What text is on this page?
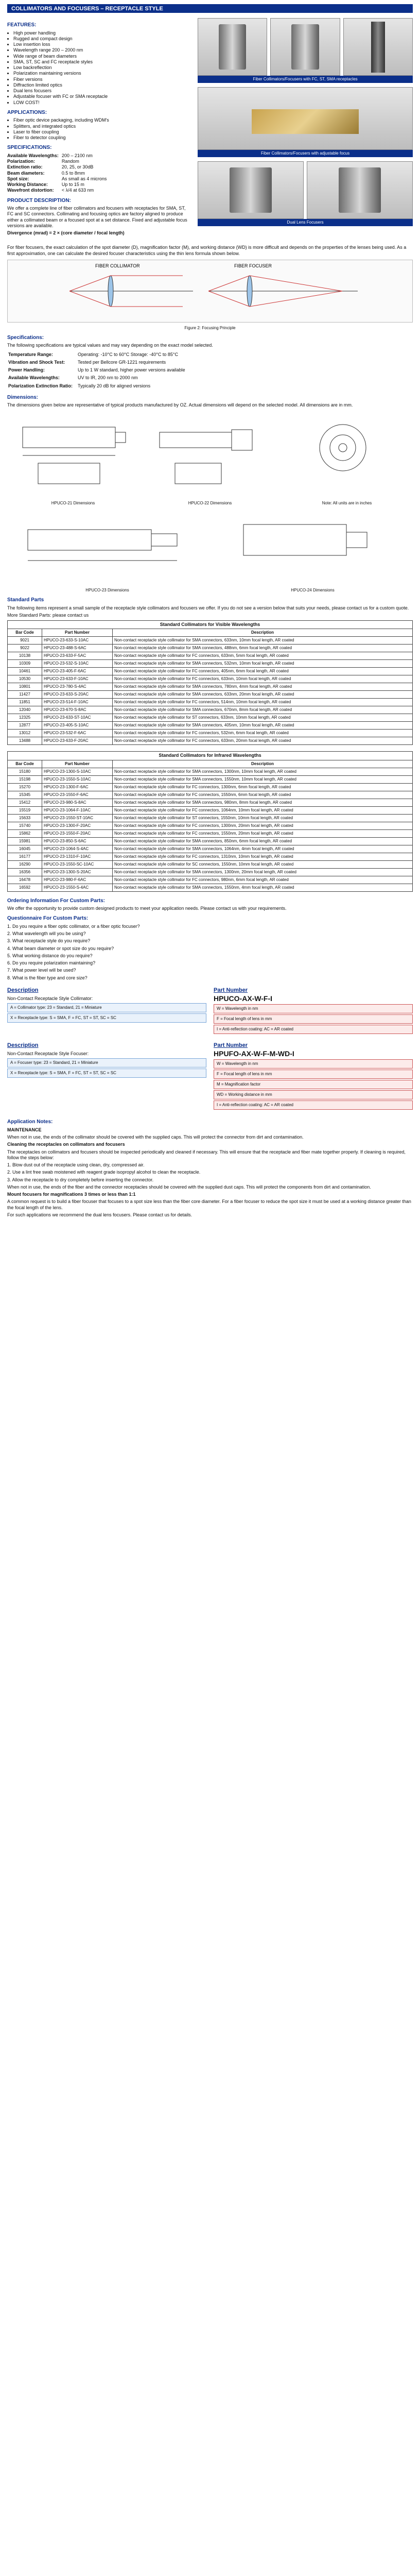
COLLIMATORS AND FOCUSERS – RECEPTACLE STYLE
FEATURES:
• High power handling
• Rugged and compact design
• Low insertion loss
• Wavelength range 200 – 2000 nm
• Wide range of beam diameters
• SMA, ST, SC and FC receptacle styles
• Low backreflection
• Polarization maintaining versions
• Fiber versions
• Diffraction limited optics
• Dual lens focusers
• Adjustable focuser with FC or SMA receptacle
• LOW COST!
APPLICATIONS:
• Fiber optic device packaging, including WDM's
• Splitters, and integrated optics
• Laser to fiber coupling
• Fiber to detector coupling
SPECIFICATIONS:
Available Wavelengths:	200 – 2100 nm
Polarization:	Random
Extinction ratio:	20, 25, or 30dB
Beam diameters:	0.5 to 8mm
Spot size:	As small as 4 microns
Working Distance:	Up to 15 m
Wavefront distortion:	< λ/4 at 633 nm
PRODUCT DESCRIPTION:

We offer a complete line of fiber collimators and focusers with receptacles for SMA, ST, FC and SC connectors. Collimating and focusing optics are factory aligned to produce either a collimated beam or a focused spot at a set distance. Fixed and adjustable focus versions are available.

Divergence (mrad) = 2 × (core diameter / focal length)

Fiber Collimators/Focusers with FC, ST, SMA receptacles
Fiber Collimators/Focusers with adjustable focus
Dual Lens Focusers

For fiber focusers, the exact calculation of the spot diameter (D), magnification factor (M), and working distance (WD) is more difficult and depends on the properties of the lenses being used. As a first approximation, one can calculate the desired focuser characteristics using the thin lens formula shown below.

FIBER COLLIMATOR	FIBER FOCUSER

Figure 2: Focusing Principle

Specifications:

The following specifications are typical values and may vary depending on the exact model selected.

Temperature Range:	Operating: -10°C to 60°C Storage: -40°C to 85°C
Vibration and Shock Test:	Tested per Bellcore GR-1221 requirements
Power Handling:	Up to 1 W standard, higher power versions available
Available Wavelengths:	UV to IR, 200 nm to 2000 nm
Polarization Extinction Ratio:	Typically 20 dB for aligned versions
Dimensions:

The dimensions given below are representative of typical products manufactured by OZ. Actual dimensions will depend on the selected model. All dimensions are in mm.

HPUCO-21 Dimensions	HPUCO-22 Dimensions	Note: All units are in inches
HPUCO-23 Dimensions	HPUCO-24 Dimensions
Standard Parts

The following items represent a small sample of the receptacle style collimators and focusers we offer. If you do not see a version below that suits your needs, please contact us for a custom quote.

More Standard Parts: please contact us

Standard Collimators for Visible Wavelengths
Bar Code	Part Number	Description
9021	HPUCO-23-633-S-10AC	Non-contact receptacle style collimator for SMA connectors, 633nm, 10mm focal length, AR coated
9022	HPUCO-23-488-S-6AC	Non-contact receptacle style collimator for SMA connectors, 488nm, 6mm focal length, AR coated
10138	HPUCO-23-633-F-5AC	Non-contact receptacle style collimator for FC connectors, 633nm, 5mm focal length, AR coated
10309	HPUCO-23-532-S-10AC	Non-contact receptacle style collimator for SMA connectors, 532nm, 10mm focal length, AR coated
10461	HPUCO-23-405-F-6AC	Non-contact receptacle style collimator for FC connectors, 405nm, 6mm focal length, AR coated
10530	HPUCO-23-633-F-10AC	Non-contact receptacle style collimator for FC connectors, 633nm, 10mm focal length, AR coated
10801	HPUCO-23-780-S-4AC	Non-contact receptacle style collimator for SMA connectors, 780nm, 4mm focal length, AR coated
11427	HPUCO-23-633-S-20AC	Non-contact receptacle style collimator for SMA connectors, 633nm, 20mm focal length, AR coated
11851	HPUCO-23-514-F-10AC	Non-contact receptacle style collimator for FC connectors, 514nm, 10mm focal length, AR coated
12040	HPUCO-23-670-S-8AC	Non-contact receptacle style collimator for SMA connectors, 670nm, 8mm focal length, AR coated
12325	HPUCO-23-633-ST-10AC	Non-contact receptacle style collimator for ST connectors, 633nm, 10mm focal length, AR coated
12877	HPUCO-23-405-S-10AC	Non-contact receptacle style collimator for SMA connectors, 405nm, 10mm focal length, AR coated
13012	HPUCO-23-532-F-6AC	Non-contact receptacle style collimator for FC connectors, 532nm, 6mm focal length, AR coated
13488	HPUCO-23-633-F-20AC	Non-contact receptacle style collimator for FC connectors, 633nm, 20mm focal length, AR coated
Standard Collimators for Infrared Wavelengths
Bar Code	Part Number	Description
15180	HPUCO-23-1300-S-10AC	Non-contact receptacle style collimator for SMA connectors, 1300nm, 10mm focal length, AR coated
15198	HPUCO-23-1550-S-10AC	Non-contact receptacle style collimator for SMA connectors, 1550nm, 10mm focal length, AR coated
15270	HPUCO-23-1300-F-6AC	Non-contact receptacle style collimator for FC connectors, 1300nm, 6mm focal length, AR coated
15345	HPUCO-23-1550-F-6AC	Non-contact receptacle style collimator for FC connectors, 1550nm, 6mm focal length, AR coated
15412	HPUCO-23-980-S-8AC	Non-contact receptacle style collimator for SMA connectors, 980nm, 8mm focal length, AR coated
15519	HPUCO-23-1064-F-10AC	Non-contact receptacle style collimator for FC connectors, 1064nm, 10mm focal length, AR coated
15633	HPUCO-23-1550-ST-10AC	Non-contact receptacle style collimator for ST connectors, 1550nm, 10mm focal length, AR coated
15740	HPUCO-23-1300-F-20AC	Non-contact receptacle style collimator for FC connectors, 1300nm, 20mm focal length, AR coated
15862	HPUCO-23-1550-F-20AC	Non-contact receptacle style collimator for FC connectors, 1550nm, 20mm focal length, AR coated
15981	HPUCO-23-850-S-6AC	Non-contact receptacle style collimator for SMA connectors, 850nm, 6mm focal length, AR coated
16045	HPUCO-23-1064-S-4AC	Non-contact receptacle style collimator for SMA connectors, 1064nm, 4mm focal length, AR coated
16177	HPUCO-23-1310-F-10AC	Non-contact receptacle style collimator for FC connectors, 1310nm, 10mm focal length, AR coated
16290	HPUCO-23-1550-SC-10AC	Non-contact receptacle style collimator for SC connectors, 1550nm, 10mm focal length, AR coated
16356	HPUCO-23-1300-S-20AC	Non-contact receptacle style collimator for SMA connectors, 1300nm, 20mm focal length, AR coated
16478	HPUCO-23-980-F-6AC	Non-contact receptacle style collimator for FC connectors, 980nm, 6mm focal length, AR coated
16592	HPUCO-23-1550-S-4AC	Non-contact receptacle style collimator for SMA connectors, 1550nm, 4mm focal length, AR coated
Ordering Information For Custom Parts:

We offer the opportunity to provide custom designed products to meet your application needs. Please contact us with your requirements.

Questionnaire For Custom Parts:

1. Do you require a fiber optic collimator, or a fiber optic focuser?

2. What wavelength will you be using?

3. What receptacle style do you require?

4. What beam diameter or spot size do you require?

5. What working distance do you require?

6. Do you require polarization maintaining?

7. What power level will be used?

8. What is the fiber type and core size?

Description

Non-Contact Receptacle Style Collimator:

A = Collimator type: 23 = Standard, 21 = Miniature
X = Receptacle type: S = SMA, F = FC, ST = ST, SC = SC
Part Number
HPUCO-AX-W-F-I
W = Wavelength in nm
F = Focal length of lens in mm
I = Anti-reflection coating: AC = AR coated
Description

Non-Contact Receptacle Style Focuser:

A = Focuser type: 23 = Standard, 21 = Miniature
X = Receptacle type: S = SMA, F = FC, ST = ST, SC = SC
Part Number
HPUFO-AX-W-F-M-WD-I
W = Wavelength in nm
F = Focal length of lens in mm
M = Magnification factor
WD = Working distance in mm
I = Anti-reflection coating: AC = AR coated
Application Notes:

MAINTENANCE

When not in use, the ends of the collimator should be covered with the supplied caps. This will protect the connector from dirt and contamination.

Cleaning the receptacles on collimators and focusers

The receptacles on collimators and focusers should be inspected periodically and cleaned if necessary. This will ensure that the receptacle and fiber mate together properly. If cleaning is required, follow the steps below:

1. Blow dust out of the receptacle using clean, dry, compressed air.

2. Use a lint free swab moistened with reagent grade isopropyl alcohol to clean the receptacle.

3. Allow the receptacle to dry completely before inserting the connector.

When not in use, the ends of the fiber and the connector receptacles should be covered with the supplied dust caps. This will protect the components from dirt and contamination.

Mount focusers for magnifications 3 times or less than 1:1

A common request is to build a fiber focuser that focuses to a spot size less than the fiber core diameter. For a fiber focuser to reduce the spot size it must be used at a working distance greater than the focal length of the lens.

For such applications we recommend the dual lens focusers. Please contact us for details.
